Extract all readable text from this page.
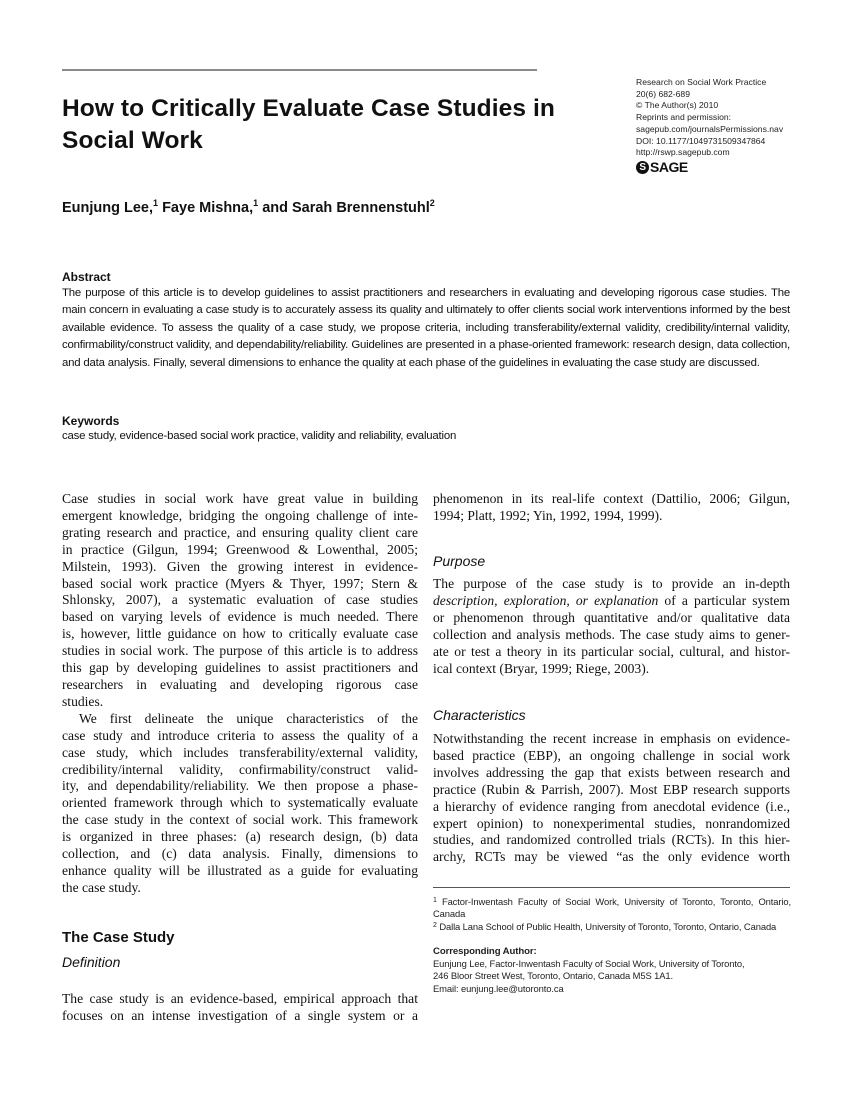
How to Critically Evaluate Case Studies in
Social Work
Research on Social Work Practice
20(6) 682-689
© The Author(s) 2010
Reprints and permission:
sagepub.com/journalsPermissions.nav
DOI: 10.1177/1049731509347864
http://rswp.sagepub.com
S SAGE
Eunjung Lee,$^1$ Faye Mishna,$^1$ and Sarah Brennenstuhl$^2$
Abstract

The purpose of this article is to develop guidelines to assist practitioners and researchers in evaluating and developing rigorous case studies. The main concern in evaluating a case study is to accurately assess its quality and ultimately to offer clients social work interventions informed by the best available evidence. To assess the quality of a case study, we propose criteria, including transferability/external validity, credibility/internal validity, confirmability/construct validity, and dependability/reliability. Guidelines are presented in a phase-oriented framework: research design, data collection, and data analysis. Finally, several dimensions to enhance the quality at each phase of the guidelines in evaluating the case study are discussed.

Keywords
case study, evidence-based social work practice, validity and reliability, evaluation

Case studies in social work have great value in building
emergent knowledge, bridging the ongoing challenge of inte-
grating research and practice, and ensuring quality client care
in practice (Gilgun, 1994; Greenwood & Lowenthal, 2005;
Milstein, 1993). Given the growing interest in evidence-
based social work practice (Myers & Thyer, 1997; Stern &
Shlonsky, 2007), a systematic evaluation of case studies
based on varying levels of evidence is much needed. There
is, however, little guidance on how to critically evaluate case
studies in social work. The purpose of this article is to address
this gap by developing guidelines to assist practitioners and
researchers in evaluating and developing rigorous case
studies.

We first delineate the unique characteristics of the
case study and introduce criteria to assess the quality of a
case study, which includes transferability/external validity,
credibility/internal validity, confirmability/construct valid-
ity, and dependability/reliability. We then propose a phase-
oriented framework through which to systematically evaluate
the case study in the context of social work. This framework
is organized in three phases: (a) research design, (b) data
collection, and (c) data analysis. Finally, dimensions to
enhance quality will be illustrated as a guide for evaluating
the case study.

The Case Study
Definition

The case study is an evidence-based, empirical approach that
focuses on an intense investigation of a single system or a

phenomenon in its real-life context (Dattilio, 2006; Gilgun,
1994; Platt, 1992; Yin, 1992, 1994, 1999).

Purpose

The purpose of the case study is to provide an in-depth
description, exploration, or explanation of a particular system
or phenomenon through quantitative and/or qualitative data
collection and analysis methods. The case study aims to gener-
ate or test a theory in its particular social, cultural, and histor-
ical context (Bryar, 1999; Riege, 2003).

Characteristics

Notwithstanding the recent increase in emphasis on evidence-
based practice (EBP), an ongoing challenge in social work
involves addressing the gap that exists between research and
practice (Rubin & Parrish, 2007). Most EBP research supports
a hierarchy of evidence ranging from anecdotal evidence (i.e.,
expert opinion) to nonexperimental studies, nonrandomized
studies, and randomized controlled trials (RCTs). In this hier-
archy, RCTs may be viewed “as the only evidence worth

$^1$ Factor-Inwentash Faculty of Social Work, University of Toronto, Toronto, Ontario, Canada
$^2$ Dalla Lana School of Public Health, University of Toronto, Toronto, Ontario, Canada
Corresponding Author:
Eunjung Lee, Factor-Inwentash Faculty of Social Work, University of Toronto,
246 Bloor Street West, Toronto, Ontario, Canada M5S 1A1.
Email: eunjung.lee@utoronto.ca
